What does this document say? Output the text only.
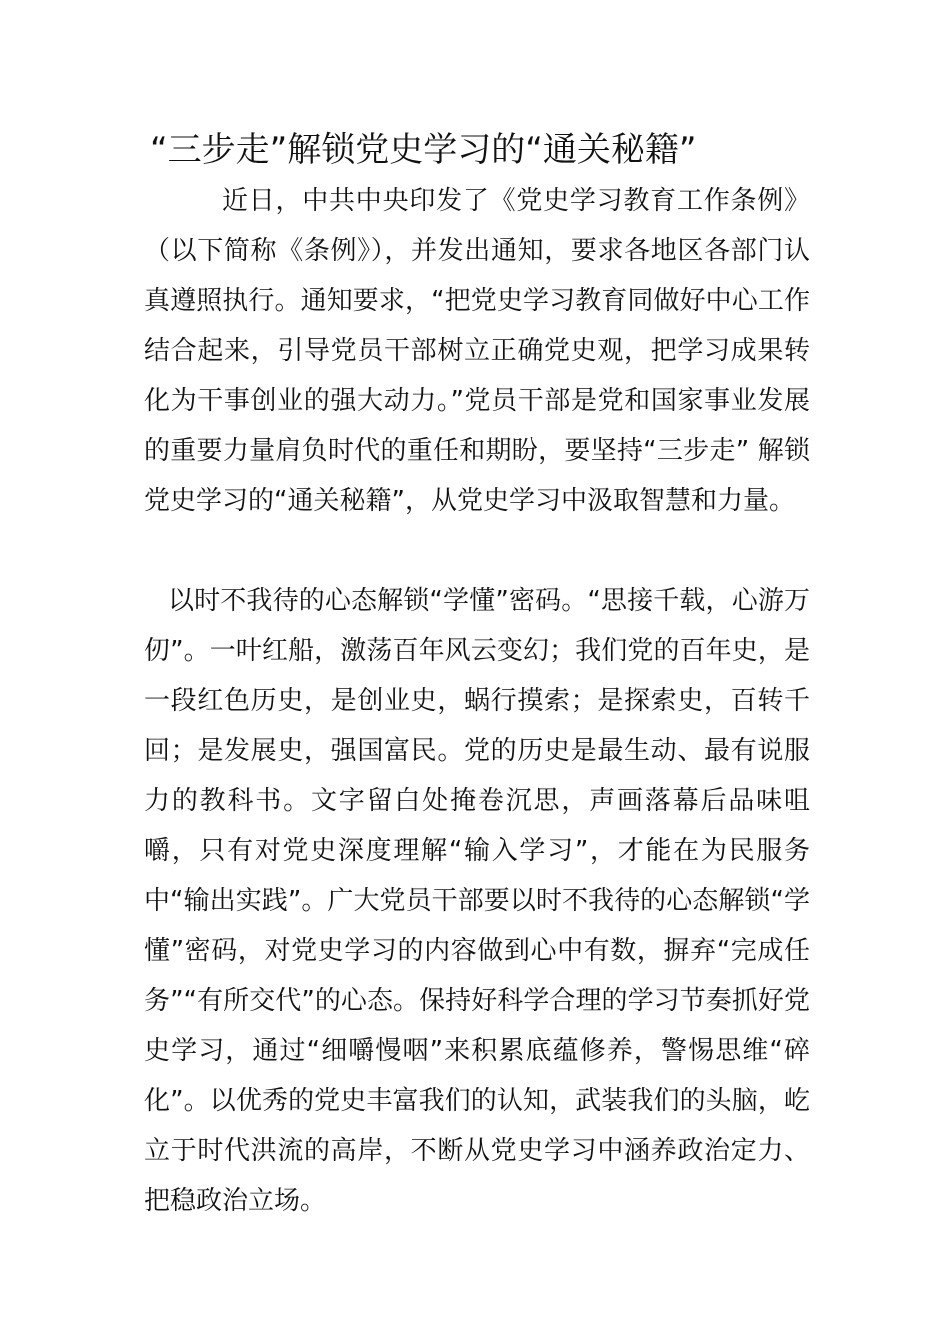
“三步走”解锁党史学习的“通关秘籍”

近日，中共中央印发了《党史学习教育工作条例》（以下简称《条例》），并发出通知，要求各地区各部门认真遵照执行。通知要求，“把党史学习教育同做好中心工作结合起来，引导党员干部树立正确党史观，把学习成果转化为干事创业的强大动力。”党员干部是党和国家事业发展的重要力量肩负时代的重任和期盼，要坚持“三步走” 解锁党史学习的“通关秘籍”，从党史学习中汲取智慧和力量。

以时不我待的心态解锁“学懂”密码。“思接千载，心游万仞”。一叶红船，激荡百年风云变幻；我们党的百年史，是一段红色历史，是创业史，蜗行摸索；是探索史，百转千回；是发展史，强国富民。党的历史是最生动、最有说服力的教科书。文字留白处掩卷沉思，声画落幕后品味咀嚼，只有对党史深度理解“输入学习”，才能在为民服务中“输出实践”。广大党员干部要以时不我待的心态解锁“学懂”密码，对党史学习的内容做到心中有数，摒弃“完成任务”“有所交代”的心态。保持好科学合理的学习节奏抓好党史学习，通过“细嚼慢咽”来积累底蕴修养，警惕思维“碎化”。以优秀的党史丰富我们的认知，武装我们的头脑，屹立于时代洪流的高岸，不断从党史学习中涵养政治定力、把稳政治立场。
